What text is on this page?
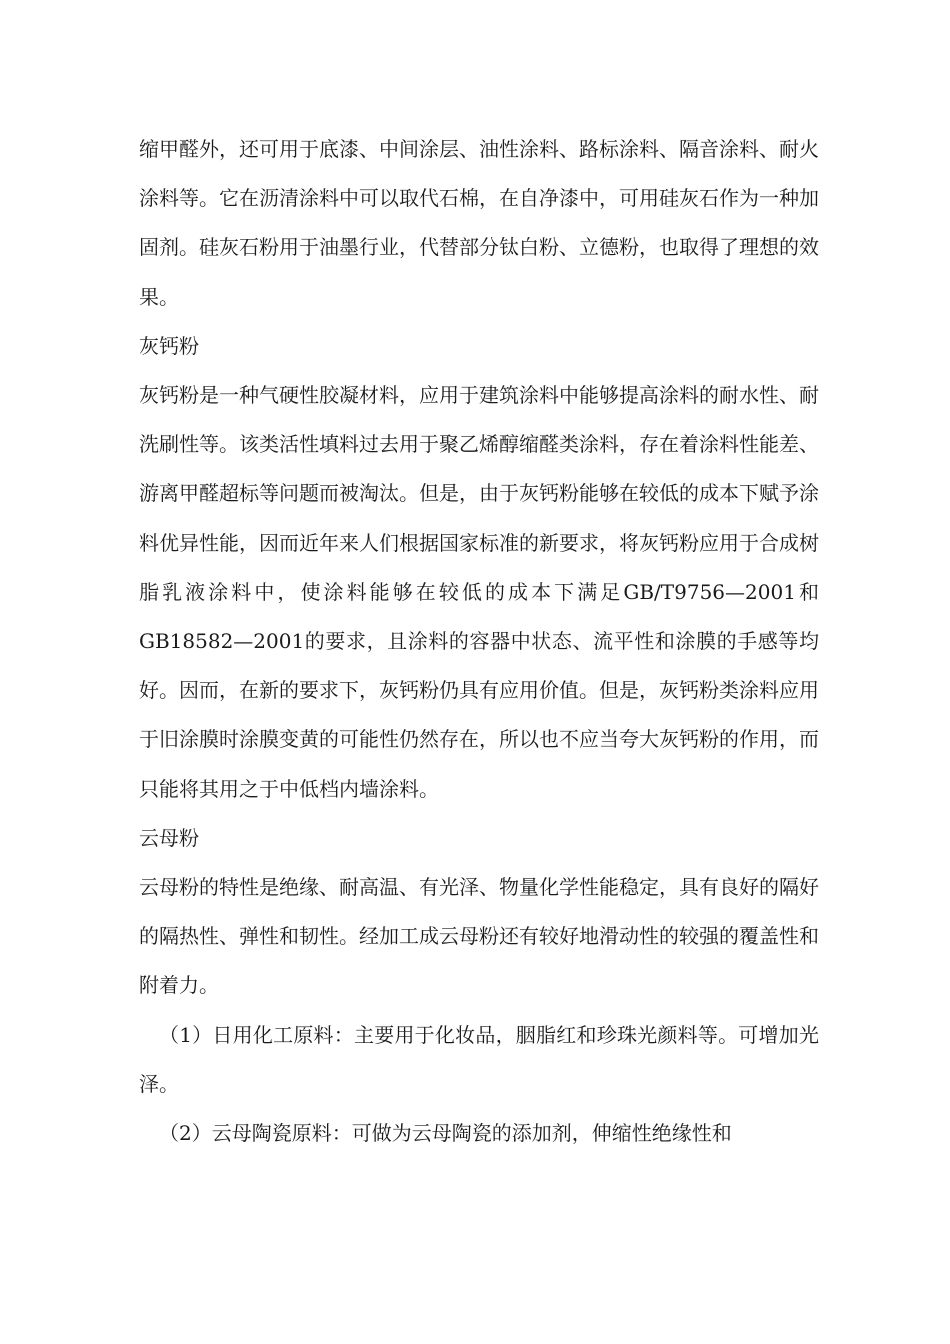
缩甲醛外，还可用于底漆、中间涂层、油性涂料、路标涂料、隔音涂料、耐火涂料等。它在沥清涂料中可以取代石棉，在自净漆中，可用硅灰石作为一种加固剂。硅灰石粉用于油墨行业，代替部分钛白粉、立德粉，也取得了理想的效果。

灰钙粉

灰钙粉是一种气硬性胶凝材料，应用于建筑涂料中能够提高涂料的耐水性、耐洗刷性等。该类活性填料过去用于聚乙烯醇缩醛类涂料，存在着涂料性能差、游离甲醛超标等问题而被淘汰。但是，由于灰钙粉能够在较低的成本下赋予涂料优异性能，因而近年来人们根据国家标准的新要求，将灰钙粉应用于合成树脂乳液涂料中，使涂料能够在较低的成本下满足GB/T9756—2001和GB18582—2001的要求，且涂料的容器中状态、流平性和涂膜的手感等均好。因而，在新的要求下，灰钙粉仍具有应用价值。但是，灰钙粉类涂料应用于旧涂膜时涂膜变黄的可能性仍然存在，所以也不应当夸大灰钙粉的作用，而只能将其用之于中低档内墙涂料。

云母粉

云母粉的特性是绝缘、耐高温、有光泽、物量化学性能稳定，具有良好的隔好的隔热性、弹性和韧性。经加工成云母粉还有较好地滑动性的较强的覆盖性和附着力。

（1）日用化工原料：主要用于化妆品，胭脂红和珍珠光颜料等。可增加光泽。

（2）云母陶瓷原料：可做为云母陶瓷的添加剂，伸缩性绝缘性和
